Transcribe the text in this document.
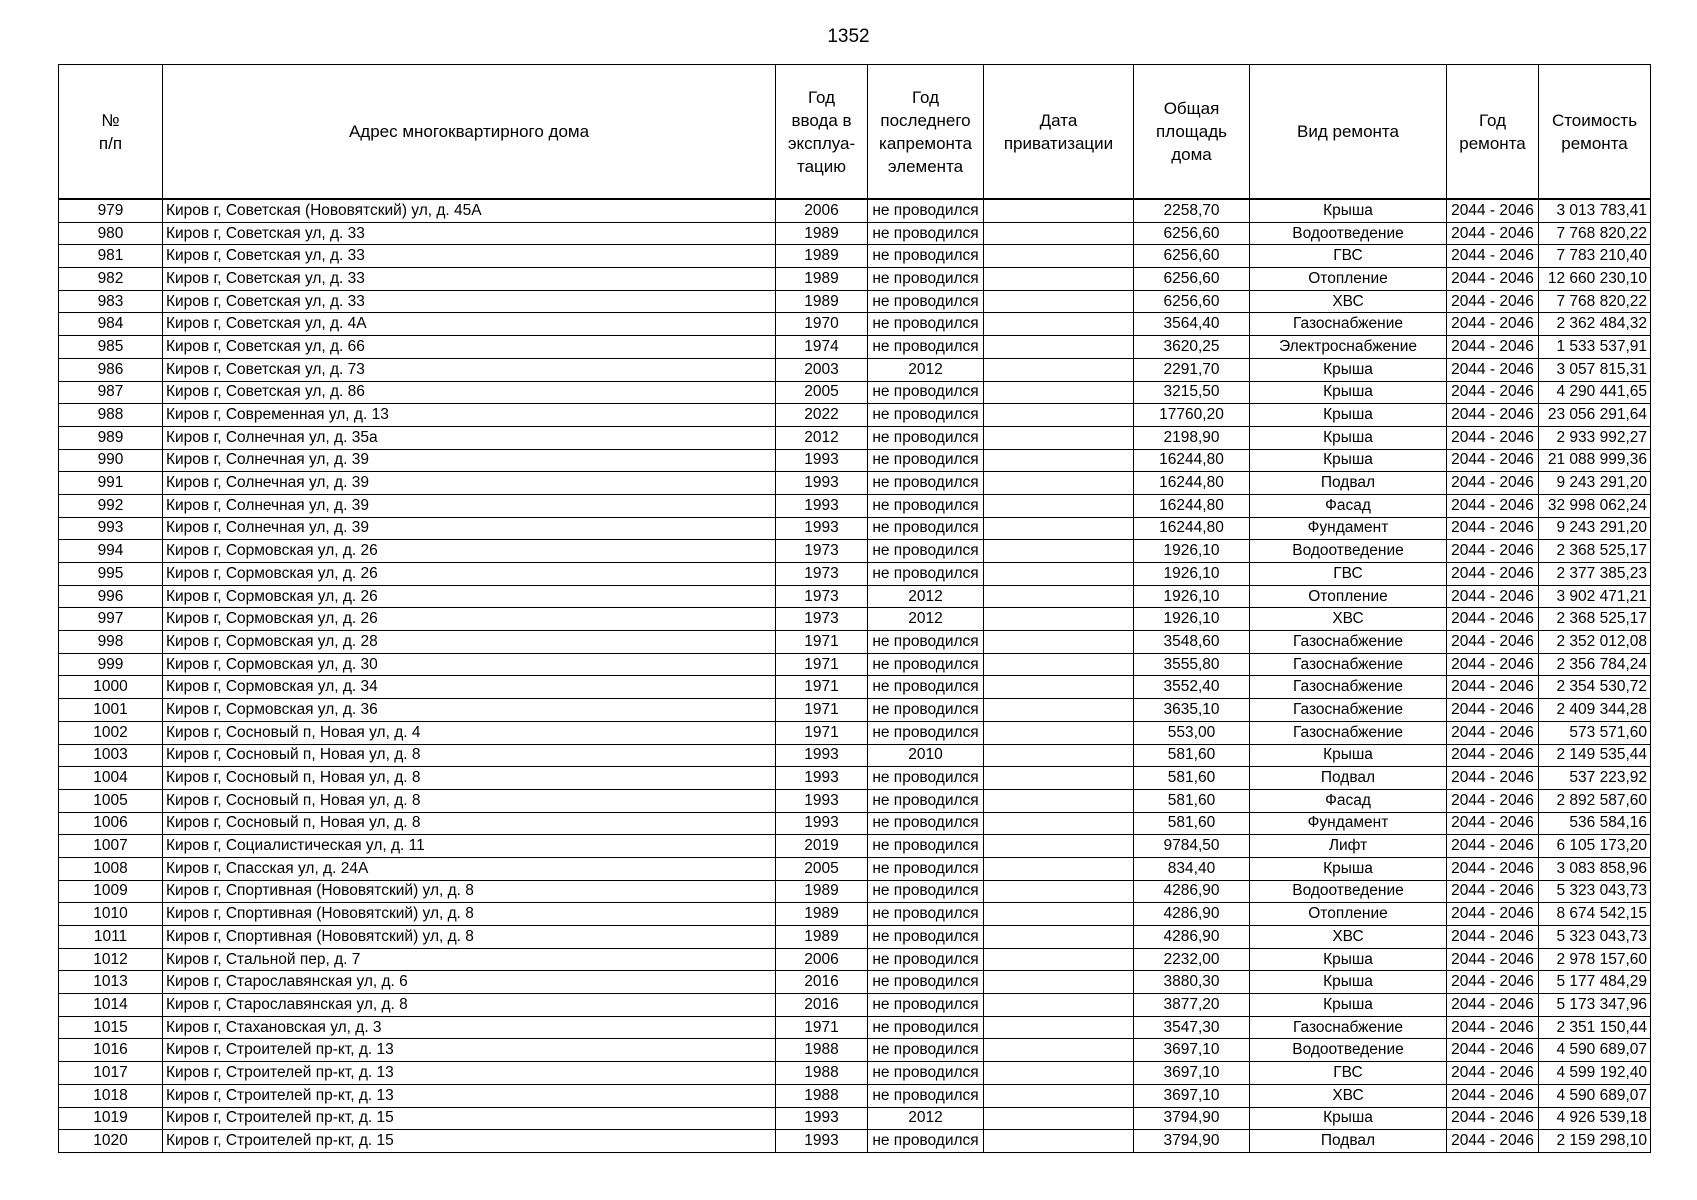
1352
№
п/п	Адрес многоквартирного дома	Год
ввода в
эксплуа-
тацию	Год
последнего
капремонта
элемента	Дата
приватизации	Общая
площадь
дома	Вид ремонта	Год
ремонта	Стоимость
ремонта

979	Киров г, Советская (Нововятский) ул, д. 45А	2006	не проводился		2258,70	Крыша	2044 - 2046	3 013 783,41
980	Киров г, Советская ул, д. 33	1989	не проводился		6256,60	Водоотведение	2044 - 2046	7 768 820,22
981	Киров г, Советская ул, д. 33	1989	не проводился		6256,60	ГВС	2044 - 2046	7 783 210,40
982	Киров г, Советская ул, д. 33	1989	не проводился		6256,60	Отопление	2044 - 2046	12 660 230,10
983	Киров г, Советская ул, д. 33	1989	не проводился		6256,60	ХВС	2044 - 2046	7 768 820,22
984	Киров г, Советская ул, д. 4А	1970	не проводился		3564,40	Газоснабжение	2044 - 2046	2 362 484,32
985	Киров г, Советская ул, д. 66	1974	не проводился		3620,25	Электроснабжение	2044 - 2046	1 533 537,91
986	Киров г, Советская ул, д. 73	2003	2012		2291,70	Крыша	2044 - 2046	3 057 815,31
987	Киров г, Советская ул, д. 86	2005	не проводился		3215,50	Крыша	2044 - 2046	4 290 441,65
988	Киров г, Современная ул, д. 13	2022	не проводился		17760,20	Крыша	2044 - 2046	23 056 291,64
989	Киров г, Солнечная ул, д. 35а	2012	не проводился		2198,90	Крыша	2044 - 2046	2 933 992,27
990	Киров г, Солнечная ул, д. 39	1993	не проводился		16244,80	Крыша	2044 - 2046	21 088 999,36
991	Киров г, Солнечная ул, д. 39	1993	не проводился		16244,80	Подвал	2044 - 2046	9 243 291,20
992	Киров г, Солнечная ул, д. 39	1993	не проводился		16244,80	Фасад	2044 - 2046	32 998 062,24
993	Киров г, Солнечная ул, д. 39	1993	не проводился		16244,80	Фундамент	2044 - 2046	9 243 291,20
994	Киров г, Сормовская ул, д. 26	1973	не проводился		1926,10	Водоотведение	2044 - 2046	2 368 525,17
995	Киров г, Сормовская ул, д. 26	1973	не проводился		1926,10	ГВС	2044 - 2046	2 377 385,23
996	Киров г, Сормовская ул, д. 26	1973	2012		1926,10	Отопление	2044 - 2046	3 902 471,21
997	Киров г, Сормовская ул, д. 26	1973	2012		1926,10	ХВС	2044 - 2046	2 368 525,17
998	Киров г, Сормовская ул, д. 28	1971	не проводился		3548,60	Газоснабжение	2044 - 2046	2 352 012,08
999	Киров г, Сормовская ул, д. 30	1971	не проводился		3555,80	Газоснабжение	2044 - 2046	2 356 784,24
1000	Киров г, Сормовская ул, д. 34	1971	не проводился		3552,40	Газоснабжение	2044 - 2046	2 354 530,72
1001	Киров г, Сормовская ул, д. 36	1971	не проводился		3635,10	Газоснабжение	2044 - 2046	2 409 344,28
1002	Киров г, Сосновый п, Новая ул, д. 4	1971	не проводился		553,00	Газоснабжение	2044 - 2046	573 571,60
1003	Киров г, Сосновый п, Новая ул, д. 8	1993	2010		581,60	Крыша	2044 - 2046	2 149 535,44
1004	Киров г, Сосновый п, Новая ул, д. 8	1993	не проводился		581,60	Подвал	2044 - 2046	537 223,92
1005	Киров г, Сосновый п, Новая ул, д. 8	1993	не проводился		581,60	Фасад	2044 - 2046	2 892 587,60
1006	Киров г, Сосновый п, Новая ул, д. 8	1993	не проводился		581,60	Фундамент	2044 - 2046	536 584,16
1007	Киров г, Социалистическая ул, д. 11	2019	не проводился		9784,50	Лифт	2044 - 2046	6 105 173,20
1008	Киров г, Спасская ул, д. 24А	2005	не проводился		834,40	Крыша	2044 - 2046	3 083 858,96
1009	Киров г, Спортивная (Нововятский) ул, д. 8	1989	не проводился		4286,90	Водоотведение	2044 - 2046	5 323 043,73
1010	Киров г, Спортивная (Нововятский) ул, д. 8	1989	не проводился		4286,90	Отопление	2044 - 2046	8 674 542,15
1011	Киров г, Спортивная (Нововятский) ул, д. 8	1989	не проводился		4286,90	ХВС	2044 - 2046	5 323 043,73
1012	Киров г, Стальной пер, д. 7	2006	не проводился		2232,00	Крыша	2044 - 2046	2 978 157,60
1013	Киров г, Старославянская ул, д. 6	2016	не проводился		3880,30	Крыша	2044 - 2046	5 177 484,29
1014	Киров г, Старославянская ул, д. 8	2016	не проводился		3877,20	Крыша	2044 - 2046	5 173 347,96
1015	Киров г, Стахановская ул, д. 3	1971	не проводился		3547,30	Газоснабжение	2044 - 2046	2 351 150,44
1016	Киров г, Строителей пр-кт, д. 13	1988	не проводился		3697,10	Водоотведение	2044 - 2046	4 590 689,07
1017	Киров г, Строителей пр-кт, д. 13	1988	не проводился		3697,10	ГВС	2044 - 2046	4 599 192,40
1018	Киров г, Строителей пр-кт, д. 13	1988	не проводился		3697,10	ХВС	2044 - 2046	4 590 689,07
1019	Киров г, Строителей пр-кт, д. 15	1993	2012		3794,90	Крыша	2044 - 2046	4 926 539,18
1020	Киров г, Строителей пр-кт, д. 15	1993	не проводился		3794,90	Подвал	2044 - 2046	2 159 298,10
